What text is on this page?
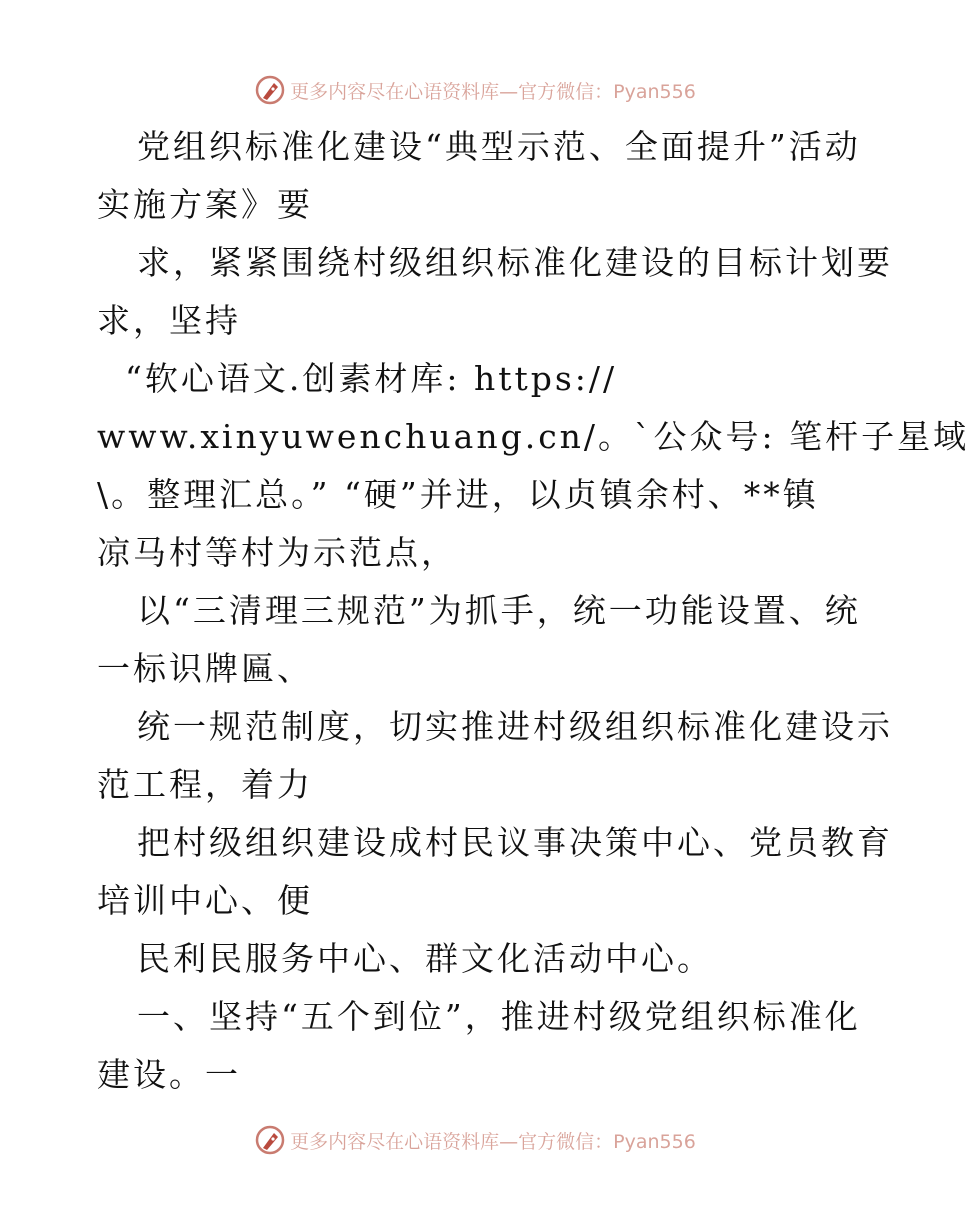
更多内容尽在心语资料库—官方微信：Pyan556
党组织标准化建设“典型示范、全面提升”活动
实施方案》要
求，紧紧围绕村级组织标准化建设的目标计划要
求，坚持
“软心语文.创素材库: https://
www.xinyuwenchuang.cn/。`公众号: 笔杆子星域
\。整理汇总。” “硬”并进，以贞镇余村、**镇
凉马村等村为示范点，
以“三清理三规范”为抓手，统一功能设置、统
一标识牌匾、
统一规范制度，切实推进村级组织标准化建设示
范工程，着力
把村级组织建设成村民议事决策中心、党员教育
培训中心、便
民利民服务中心、群文化活动中心。
一、坚持“五个到位”，推进村级党组织标准化
建设。一
更多内容尽在心语资料库—官方微信：Pyan556
